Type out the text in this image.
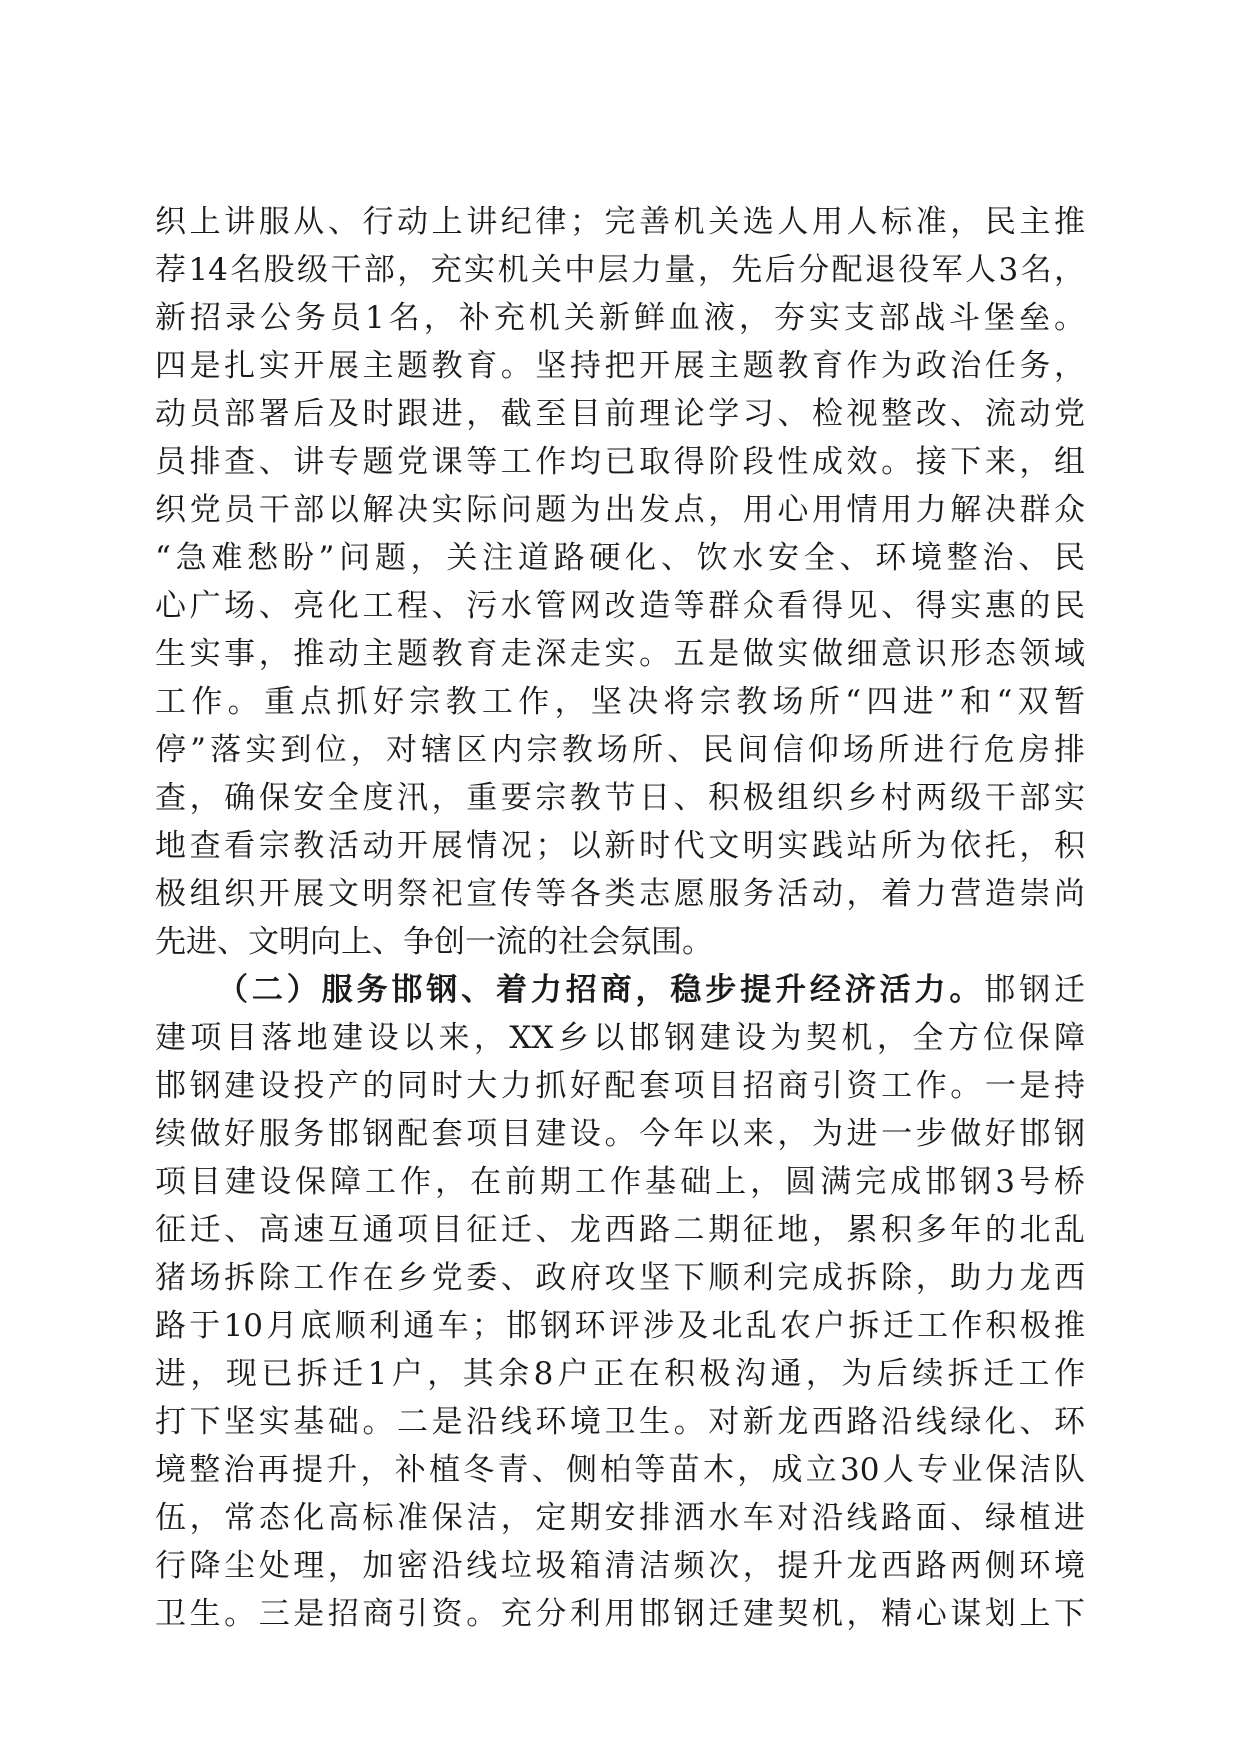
织上讲服从、行动上讲纪律；完善机关选人用人标准，民主推
荐14名股级干部，充实机关中层力量，先后分配退役军人3名，
新招录公务员1名，补充机关新鲜血液，夯实支部战斗堡垒。
四是扎实开展主题教育。坚持把开展主题教育作为政治任务，
动员部署后及时跟进，截至目前理论学习、检视整改、流动党
员排查、讲专题党课等工作均已取得阶段性成效。接下来，组
织党员干部以解决实际问题为出发点，用心用情用力解决群众
“急难愁盼”问题，关注道路硬化、饮水安全、环境整治、民
心广场、亮化工程、污水管网改造等群众看得见、得实惠的民
生实事，推动主题教育走深走实。五是做实做细意识形态领域
工作。重点抓好宗教工作，坚决将宗教场所“四进”和“双暂
停”落实到位，对辖区内宗教场所、民间信仰场所进行危房排
查，确保安全度汛，重要宗教节日、积极组织乡村两级干部实
地查看宗教活动开展情况；以新时代文明实践站所为依托，积
极组织开展文明祭祀宣传等各类志愿服务活动，着力营造崇尚
先进、文明向上、争创一流的社会氛围。
（二）服务邯钢、着力招商，稳步提升经济活力。邯钢迁
建项目落地建设以来，XX乡以邯钢建设为契机，全方位保障
邯钢建设投产的同时大力抓好配套项目招商引资工作。一是持
续做好服务邯钢配套项目建设。今年以来，为进一步做好邯钢
项目建设保障工作，在前期工作基础上，圆满完成邯钢3号桥
征迁、高速互通项目征迁、龙西路二期征地，累积多年的北乱
猪场拆除工作在乡党委、政府攻坚下顺利完成拆除，助力龙西
路于10月底顺利通车；邯钢环评涉及北乱农户拆迁工作积极推
进，现已拆迁1户，其余8户正在积极沟通，为后续拆迁工作
打下坚实基础。二是沿线环境卫生。对新龙西路沿线绿化、环
境整治再提升，补植冬青、侧柏等苗木，成立30人专业保洁队
伍，常态化高标准保洁，定期安排洒水车对沿线路面、绿植进
行降尘处理，加密沿线垃圾箱清洁频次，提升龙西路两侧环境
卫生。三是招商引资。充分利用邯钢迁建契机，精心谋划上下
